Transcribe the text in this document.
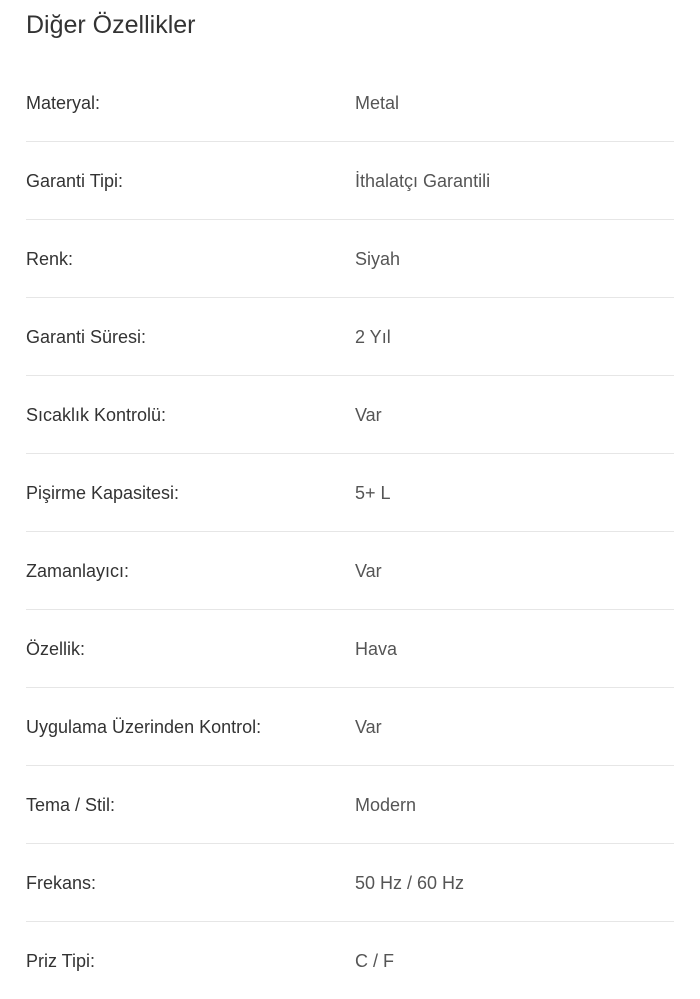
Diğer Özellikler
Materyal:	Metal
Garanti Tipi:	İthalatçı Garantili
Renk:	Siyah
Garanti Süresi:	2 Yıl
Sıcaklık Kontrolü:	Var
Pişirme Kapasitesi:	5+ L
Zamanlayıcı:	Var
Özellik:	Hava
Uygulama Üzerinden Kontrol:	Var
Tema / Stil:	Modern
Frekans:	50 Hz / 60 Hz
Priz Tipi:	C / F
